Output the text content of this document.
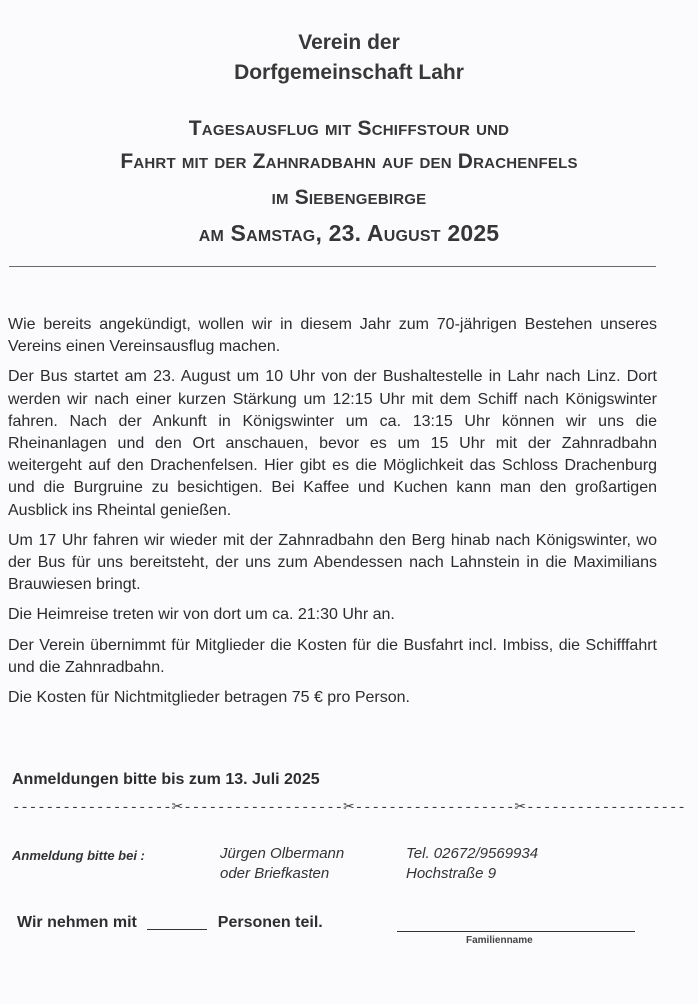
Verein der
Dorfgemeinschaft Lahr
Tagesausflug mit Schiffstour und
Fahrt mit der Zahnradbahn auf den Drachenfels
im Siebengebirge
am Samstag, 23. August 2025

Wie bereits angekündigt, wollen wir in diesem Jahr zum 70-jährigen Bestehen unseres Vereins einen Vereinsausflug machen.

Der Bus startet am 23. August um 10 Uhr von der Bushaltestelle in Lahr nach Linz. Dort werden wir nach einer kurzen Stärkung um 12:15 Uhr mit dem Schiff nach Königswinter fahren. Nach der Ankunft in Königswinter um ca. 13:15 Uhr können wir uns die Rheinanlagen und den Ort anschauen, bevor es um 15 Uhr mit der Zahnradbahn weitergeht auf den Drachenfelsen. Hier gibt es die Möglichkeit das Schloss Drachenburg und die Burgruine zu besichtigen. Bei Kaffee und Kuchen kann man den großartigen Ausblick ins Rheintal genießen.

Um 17 Uhr fahren wir wieder mit der Zahnradbahn den Berg hinab nach Königswinter, wo der Bus für uns bereitsteht, der uns zum Abendessen nach Lahnstein in die Maximilians Brauwiesen bringt.

Die Heimreise treten wir von dort um ca. 21:30 Uhr an.

Der Verein übernimmt für Mitglieder die Kosten für die Busfahrt incl. Imbiss, die Schifffahrt und die Zahnradbahn.

Die Kosten für Nichtmitglieder betragen 75 € pro Person.

Anmeldungen bitte bis zum 13. Juli 2025
-------------------✂-------------------✂-------------------✂-------------------
Anmeldung bitte bei :	Jürgen Olbermann
oder Briefkasten
Tel. 02672/9569934
Hochstraße 9
Wir nehmen mit	Personen teil.
Familienname
